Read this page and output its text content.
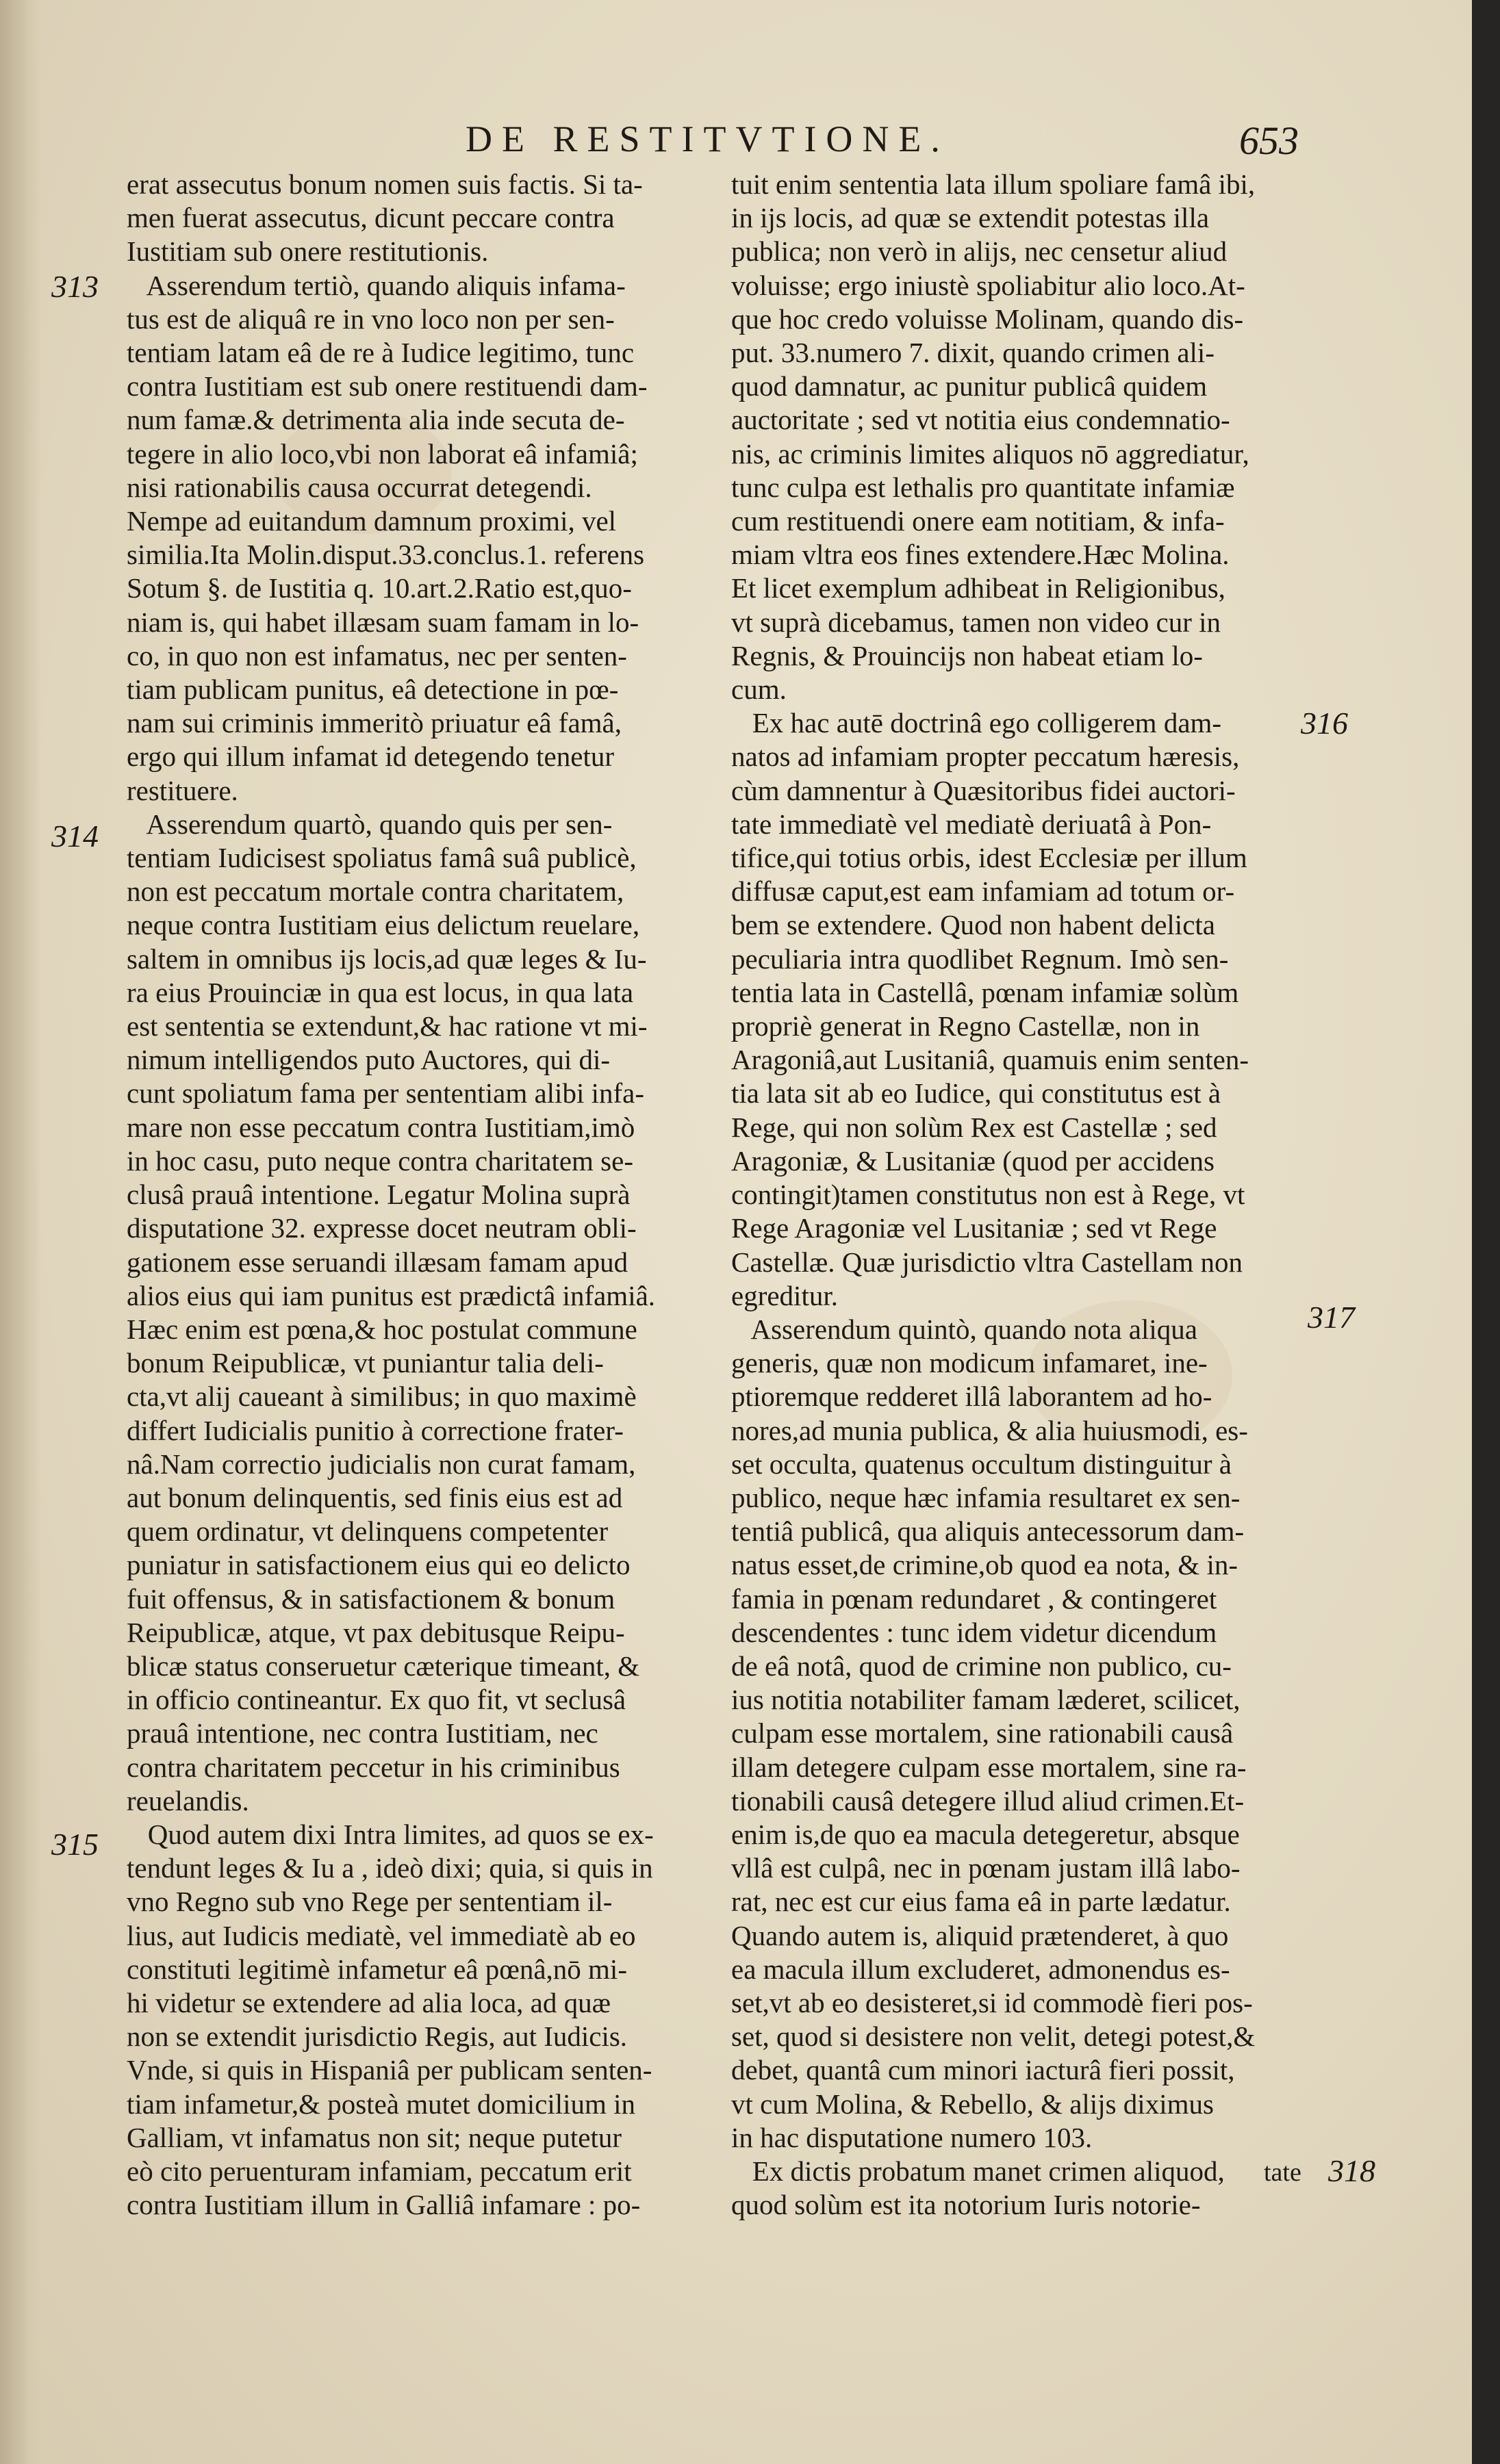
DE RESTITVTIONE.	653

erat assecutus bonum nomen suis factis. Si ta-

men fuerat assecutus, dicunt peccare contra

Iustitiam sub onere restitutionis.

Asserendum tertiò, quando aliquis infama-

tus est de aliquâ re in vno loco non per sen-

tentiam latam eâ de re à Iudice legitimo, tunc

contra Iustitiam est sub onere restituendi dam-

num famæ.& detrimenta alia inde secuta de-

tegere in alio loco,vbi non laborat eâ infamiâ;

nisi rationabilis causa occurrat detegendi.

Nempe ad euitandum damnum proximi, vel

similia.Ita Molin.disput.33.conclus.1. referens

Sotum §. de Iustitia q. 10.art.2.Ratio est,quo-

niam is, qui habet illæsam suam famam in lo-

co, in quo non est infamatus, nec per senten-

tiam publicam punitus, eâ detectione in pœ-

nam sui criminis immeritò priuatur eâ famâ,

ergo qui illum infamat id detegendo tenetur

restituere.

Asserendum quartò, quando quis per sen-

tentiam Iudicisest spoliatus famâ suâ publicè,

non est peccatum mortale contra charitatem,

neque contra Iustitiam eius delictum reuelare,

saltem in omnibus ijs locis,ad quæ leges & Iu-

ra eius Prouinciæ in qua est locus, in qua lata

est sententia se extendunt,& hac ratione vt mi-

nimum intelligendos puto Auctores, qui di-

cunt spoliatum fama per sententiam alibi infa-

mare non esse peccatum contra Iustitiam,imò

in hoc casu, puto neque contra charitatem se-

clusâ prauâ intentione. Legatur Molina suprà

disputatione 32. expresse docet neutram obli-

gationem esse seruandi illæsam famam apud

alios eius qui iam punitus est prædictâ infamiâ.

Hæc enim est pœna,& hoc postulat commune

bonum Reipublicæ, vt puniantur talia deli-

cta,vt alij caueant à similibus; in quo maximè

differt Iudicialis punitio à correctione frater-

nâ.Nam correctio judicialis non curat famam,

aut bonum delinquentis, sed finis eius est ad

quem ordinatur, vt delinquens competenter

puniatur in satisfactionem eius qui eo delicto

fuit offensus, & in satisfactionem & bonum

Reipublicæ, atque, vt pax debitusque Reipu-

blicæ status conseruetur cæterique timeant, &

in officio contineantur. Ex quo fit, vt seclusâ

prauâ intentione, nec contra Iustitiam, nec

contra charitatem peccetur in his criminibus

reuelandis.

Quod autem dixi Intra limites, ad quos se ex-

tendunt leges & Iu a , ideò dixi; quia, si quis in

vno Regno sub vno Rege per sententiam il-

lius, aut Iudicis mediatè, vel immediatè ab eo

constituti legitimè infametur eâ pœnâ,nō mi-

hi videtur se extendere ad alia loca, ad quæ

non se extendit jurisdictio Regis, aut Iudicis.

Vnde, si quis in Hispaniâ per publicam senten-

tiam infametur,& posteà mutet domicilium in

Galliam, vt infamatus non sit; neque putetur

eò cito peruenturam infamiam, peccatum erit

contra Iustitiam illum in Galliâ infamare : po-

tuit enim sententia lata illum spoliare famâ ibi,

in ijs locis, ad quæ se extendit potestas illa

publica; non verò in alijs, nec censetur aliud

voluisse; ergo iniustè spoliabitur alio loco.At-

que hoc credo voluisse Molinam, quando dis-

put. 33.numero 7. dixit, quando crimen ali-

quod damnatur, ac punitur publicâ quidem

auctoritate ; sed vt notitia eius condemnatio-

nis, ac criminis limites aliquos nō aggrediatur,

tunc culpa est lethalis pro quantitate infamiæ

cum restituendi onere eam notitiam, & infa-

miam vltra eos fines extendere.Hæc Molina.

Et licet exemplum adhibeat in Religionibus,

vt suprà dicebamus, tamen non video cur in

Regnis, & Prouincijs non habeat etiam lo-

cum.

Ex hac autē doctrinâ ego colligerem dam-

natos ad infamiam propter peccatum hæresis,

cùm damnentur à Quæsitoribus fidei auctori-

tate immediatè vel mediatè deriuatâ à Pon-

tifice,qui totius orbis, idest Ecclesiæ per illum

diffusæ caput,est eam infamiam ad totum or-

bem se extendere. Quod non habent delicta

peculiaria intra quodlibet Regnum. Imò sen-

tentia lata in Castellâ, pœnam infamiæ solùm

propriè generat in Regno Castellæ, non in

Aragoniâ,aut Lusitaniâ, quamuis enim senten-

tia lata sit ab eo Iudice, qui constitutus est à

Rege, qui non solùm Rex est Castellæ ; sed

Aragoniæ, & Lusitaniæ (quod per accidens

contingit)tamen constitutus non est à Rege, vt

Rege Aragoniæ vel Lusitaniæ ; sed vt Rege

Castellæ. Quæ jurisdictio vltra Castellam non

egreditur.

Asserendum quintò, quando nota aliqua

generis, quæ non modicum infamaret, ine-

ptioremque redderet illâ laborantem ad ho-

nores,ad munia publica, & alia huiusmodi, es-

set occulta, quatenus occultum distinguitur à

publico, neque hæc infamia resultaret ex sen-

tentiâ publicâ, qua aliquis antecessorum dam-

natus esset,de crimine,ob quod ea nota, & in-

famia in pœnam redundaret , & contingeret

descendentes : tunc idem videtur dicendum

de eâ notâ, quod de crimine non publico, cu-

ius notitia notabiliter famam læderet, scilicet,

culpam esse mortalem, sine rationabili causâ

illam detegere culpam esse mortalem, sine ra-

tionabili causâ detegere illud aliud crimen.Et-

enim is,de quo ea macula detegeretur, absque

vllâ est culpâ, nec in pœnam justam illâ labo-

rat, nec est cur eius fama eâ in parte lædatur.

Quando autem is, aliquid prætenderet, à quo

ea macula illum excluderet, admonendus es-

set,vt ab eo desisteret,si id commodè fieri pos-

set, quod si desistere non velit, detegi potest,&

debet, quantâ cum minori iacturâ fieri possit,

vt cum Molina, & Rebello, & alijs diximus

in hac disputatione numero 103.

Ex dictis probatum manet crimen aliquod,

quod solùm est ita notorium Iuris notorie-

313
314
315
316
317
318
tate
